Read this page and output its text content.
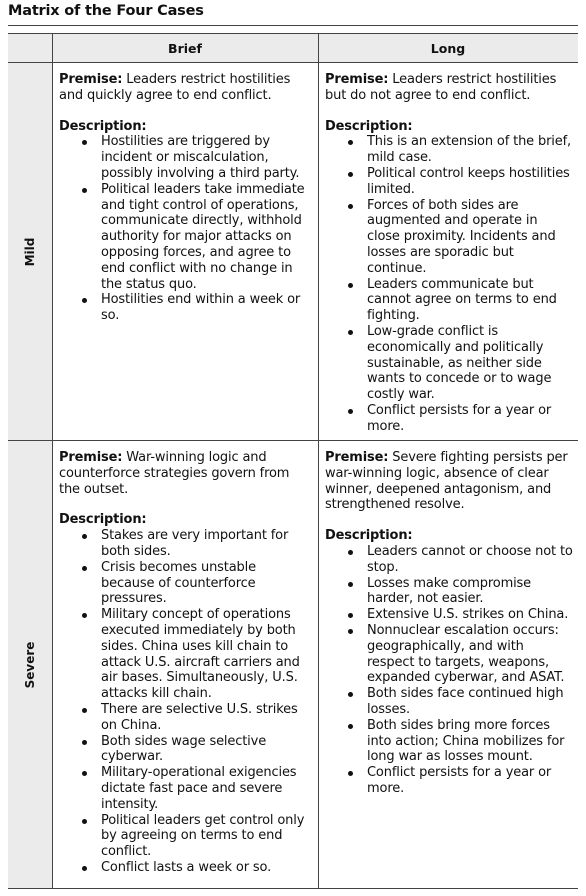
Matrix of the Four Cases
Brief	Long
Mild
Severe

Premise: Leaders restrict hostilities and quickly agree to end conflict.

Description:

Hostilities are triggered by incident or miscalculation, possibly involving a third party.
Political leaders take immediate and tight control of operations, communicate directly, withhold authority for major attacks on opposing forces, and agree to end conflict with no change in the status quo.
Hostilities end within a week or so.

Premise: Leaders restrict hostilities but do not agree to end conflict.

Description:

This is an extension of the brief, mild case.
Political control keeps hostilities limited.
Forces of both sides are augmented and operate in close proximity. Incidents and losses are sporadic but continue.
Leaders communicate but cannot agree on terms to end fighting.
Low-grade conflict is economically and politically sustainable, as neither side wants to concede or to wage costly war.
Conflict persists for a year or more.

Premise: War-winning logic and counterforce strategies govern from the outset.

Description:

Stakes are very important for both sides.
Crisis becomes unstable because of counterforce pressures.
Military concept of operations executed immediately by both sides. China uses kill chain to attack U.S. aircraft carriers and air bases. Simultaneously, U.S. attacks kill chain.
There are selective U.S. strikes on China.
Both sides wage selective cyberwar.
Military-operational exigencies dictate fast pace and severe intensity.
Political leaders get control only by agreeing on terms to end conflict.
Conflict lasts a week or so.

Premise: Severe fighting persists per war-winning logic, absence of clear winner, deepened antagonism, and strengthened resolve.

Description:

Leaders cannot or choose not to stop.
Losses make compromise harder, not easier.
Extensive U.S. strikes on China.
Nonnuclear escalation occurs: geographically, and with respect to targets, weapons, expanded cyberwar, and ASAT.
Both sides face continued high losses.
Both sides bring more forces into action; China mobilizes for long war as losses mount.
Conflict persists for a year or more.
